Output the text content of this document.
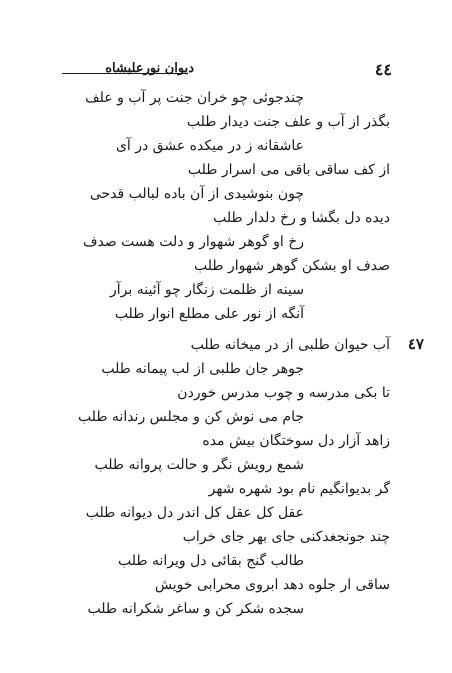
٤٤
دیوان نورعلیشاه
چندجوئی چو خران جنت پر آب و علف
بگذر از آب و علف جنت دیدار طلب
عاشقانه ز در میکده عشق در آی
از کف ساقی باقی می اسرار طلب
چون بنوشیدی از آن باده لبالب قدحی
دیده دل بگشا و رخ دلدار طلب
رخ او گوهر شهوار و دلت هست صدف
صدف او بشکن گوهر شهوار طلب
سینه از ظلمت زنگار چو آئینه برآر
آنگه از نور علی مطلع انوار طلب
٤٧
آب حیوان طلبی از در میخانه طلب
جوهر جان طلبی از لب پیمانه طلب
تا بکی مدرسه و چوب مدرس خوردن
جام می نوش کن و مجلس رندانه طلب
زاهد آزار دل سوختگان بیش مده
شمع رویش نگر و حالت پروانه طلب
گر بدیوانگیم نام بود شهره شهر
عقل کل عقل کل اندر دل دیوانه طلب
چند جونجغدکنی جای بهر جای خراب
طالب گنج بقائی دل ویرانه طلب
ساقی ار جلوه دهد ابروی محرابی خویش
سجده شکر کن و ساغر شکرانه طلب
